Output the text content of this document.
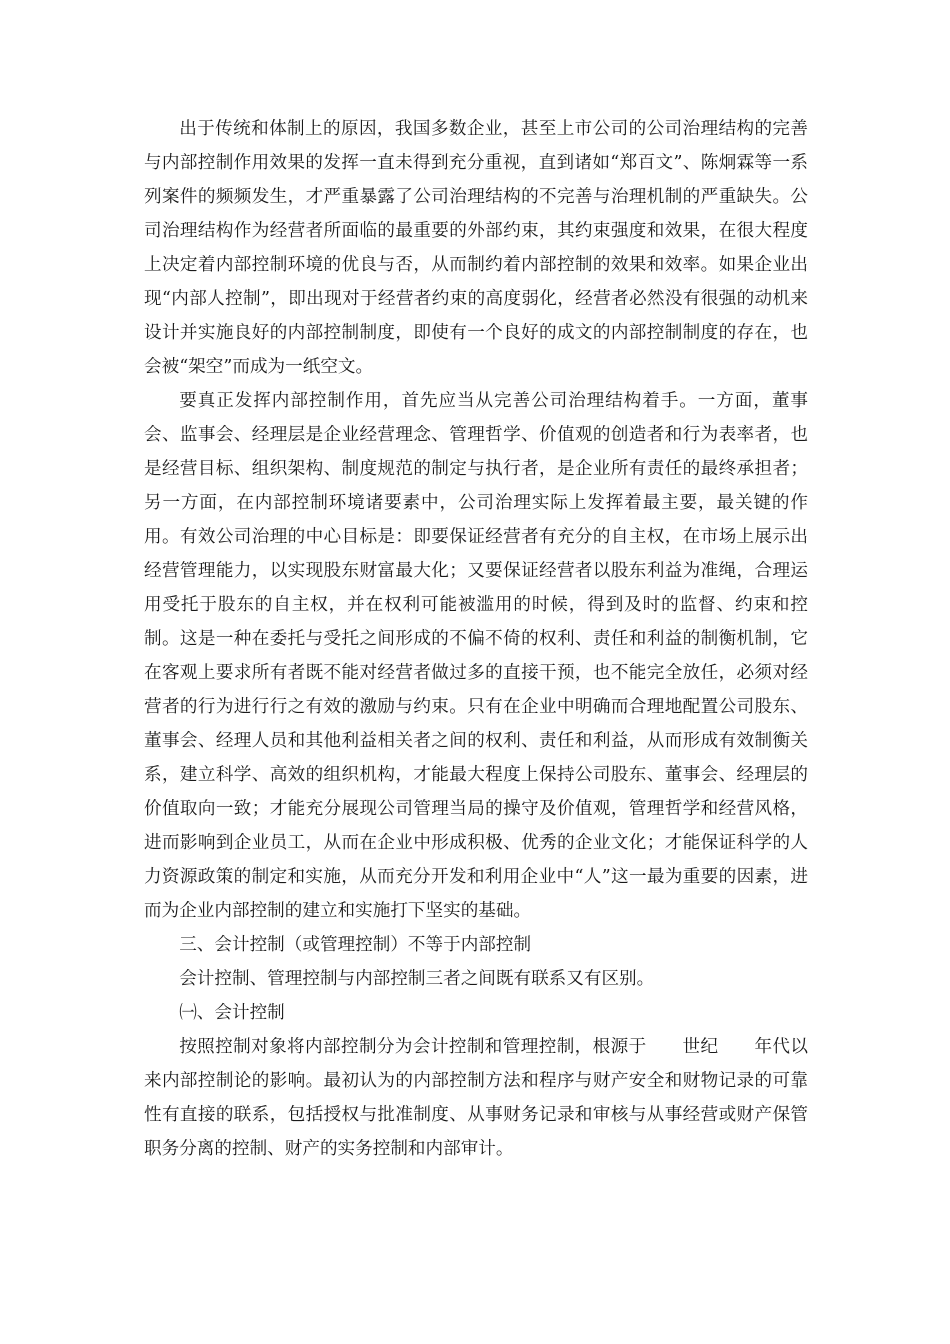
出于传统和体制上的原因，我国多数企业，甚至上市公司的公司治理结构的完善与内部控制作用效果的发挥一直未得到充分重视，直到诸如“郑百文”、陈炯霖等一系列案件的频频发生，才严重暴露了公司治理结构的不完善与治理机制的严重缺失。公司治理结构作为经营者所面临的最重要的外部约束，其约束强度和效果，在很大程度上决定着内部控制环境的优良与否，从而制约着内部控制的效果和效率。如果企业出现“内部人控制”，即出现对于经营者约束的高度弱化，经营者必然没有很强的动机来设计并实施良好的内部控制制度，即使有一个良好的成文的内部控制制度的存在，也会被“架空”而成为一纸空文。

要真正发挥内部控制作用，首先应当从完善公司治理结构着手。一方面，董事会、监事会、经理层是企业经营理念、管理哲学、价值观的创造者和行为表率者，也是经营目标、组织架构、制度规范的制定与执行者，是企业所有责任的最终承担者；另一方面，在内部控制环境诸要素中，公司治理实际上发挥着最主要，最关键的作用。有效公司治理的中心目标是：即要保证经营者有充分的自主权，在市场上展示出经营管理能力，以实现股东财富最大化；又要保证经营者以股东利益为准绳，合理运用受托于股东的自主权，并在权利可能被滥用的时候，得到及时的监督、约束和控制。这是一种在委托与受托之间形成的不偏不倚的权利、责任和利益的制衡机制，它在客观上要求所有者既不能对经营者做过多的直接干预，也不能完全放任，必须对经营者的行为进行行之有效的激励与约束。只有在企业中明确而合理地配置公司股东、董事会、经理人员和其他利益相关者之间的权利、责任和利益，从而形成有效制衡关系，建立科学、高效的组织机构，才能最大程度上保持公司股东、董事会、经理层的价值取向一致；才能充分展现公司管理当局的操守及价值观，管理哲学和经营风格，进而影响到企业员工，从而在企业中形成积极、优秀的企业文化；才能保证科学的人力资源政策的制定和实施，从而充分开发和利用企业中“人”这一最为重要的因素，进而为企业内部控制的建立和实施打下坚实的基础。

三、会计控制（或管理控制）不等于内部控制

会计控制、管理控制与内部控制三者之间既有联系又有区别。

㈠、会计控制

按照控制对象将内部控制分为会计控制和管理控制，根源于　　世纪　　年代以来内部控制论的影响。最初认为的内部控制方法和程序与财产安全和财物记录的可靠性有直接的联系，包括授权与批准制度、从事财务记录和审核与从事经营或财产保管职务分离的控制、财产的实务控制和内部审计。
